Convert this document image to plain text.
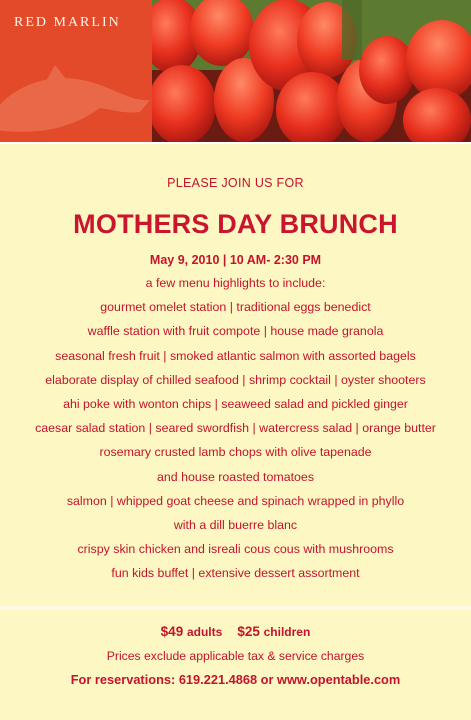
RED MARLIN

PLEASE JOIN US FOR

MOTHERS DAY BRUNCH

May 9, 2010 | 10 AM- 2:30 PM

a few menu highlights to include:
gourmet omelet station | traditional eggs benedict
waffle station with fruit compote | house made granola
seasonal fresh fruit | smoked atlantic salmon with assorted bagels
elaborate display of chilled seafood | shrimp cocktail | oyster shooters
ahi poke with wonton chips | seaweed salad and pickled ginger
caesar salad station | seared swordfish | watercress salad | orange butter
rosemary crusted lamb chops with olive tapenade
and house roasted tomatoes
salmon | whipped goat cheese and spinach wrapped in phyllo
with a dill buerre blanc
crispy skin chicken and isreali cous cous with mushrooms
fun kids buffet | extensive dessert assortment

$49 adults $25 children

Prices exclude applicable tax & service charges

For reservations: 619.221.4868 or www.opentable.com
